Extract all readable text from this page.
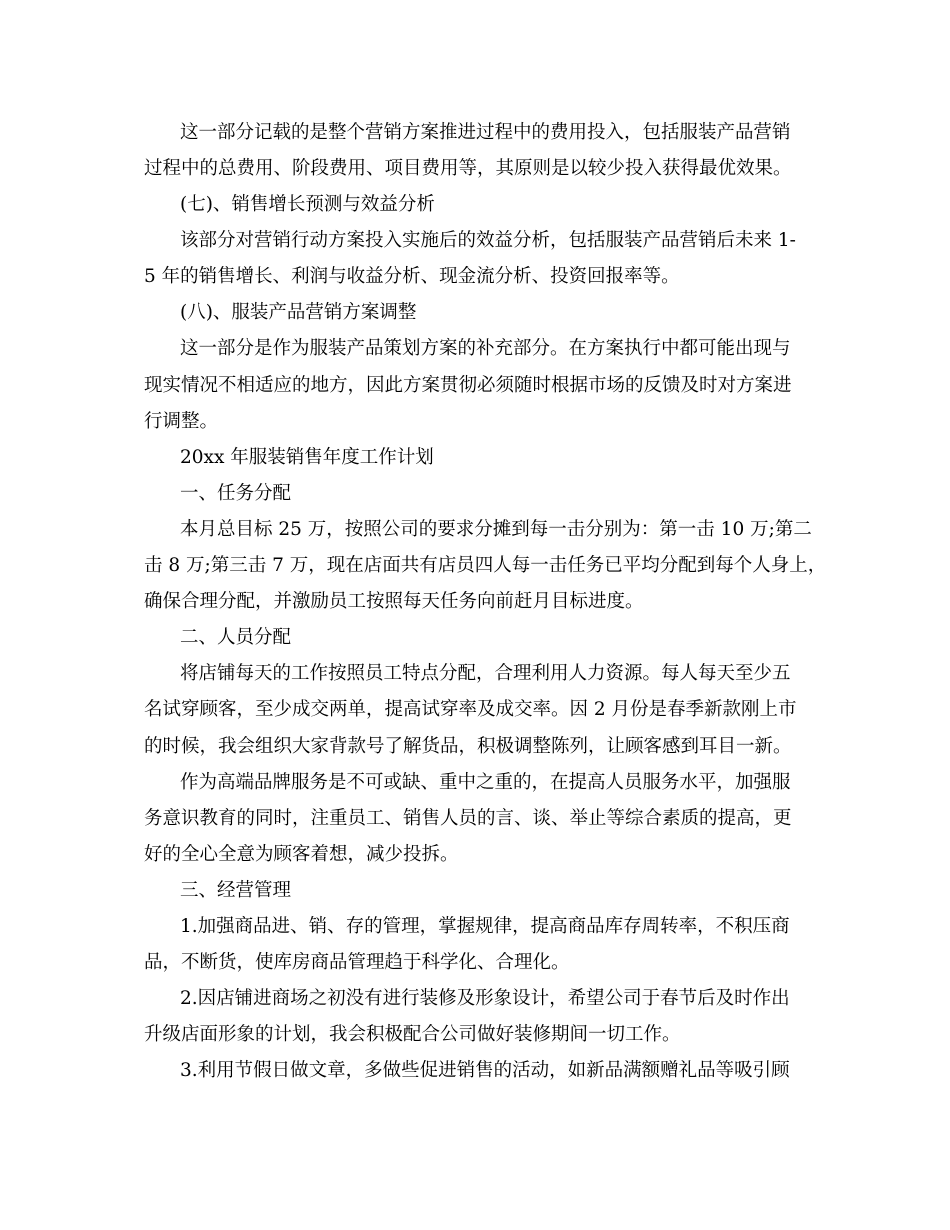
这一部分记载的是整个营销方案推进过程中的费用投入，包括服装产品营销
过程中的总费用、阶段费用、项目费用等，其原则是以较少投入获得最优效果。
(七)、销售增长预测与效益分析
该部分对营销行动方案投入实施后的效益分析，包括服装产品营销后未来 1-
5 年的销售增长、利润与收益分析、现金流分析、投资回报率等。
(八)、服装产品营销方案调整
这一部分是作为服装产品策划方案的补充部分。在方案执行中都可能出现与
现实情况不相适应的地方，因此方案贯彻必须随时根据市场的反馈及时对方案进
行调整。
20xx 年服装销售年度工作计划
一、任务分配
本月总目标 25 万，按照公司的要求分摊到每一击分别为：第一击 10 万;第二
击 8 万;第三击 7 万，现在店面共有店员四人每一击任务已平均分配到每个人身上，
确保合理分配，并激励员工按照每天任务向前赶月目标进度。
二、人员分配
将店铺每天的工作按照员工特点分配，合理利用人力资源。每人每天至少五
名试穿顾客，至少成交两单，提高试穿率及成交率。因 2 月份是春季新款刚上市
的时候，我会组织大家背款号了解货品，积极调整陈列，让顾客感到耳目一新。
作为高端品牌服务是不可或缺、重中之重的，在提高人员服务水平，加强服
务意识教育的同时，注重员工、销售人员的言、谈、举止等综合素质的提高，更
好的全心全意为顾客着想，减少投拆。
三、经营管理
1.加强商品进、销、存的管理，掌握规律，提高商品库存周转率，不积压商
品，不断货，使库房商品管理趋于科学化、合理化。
2.因店铺进商场之初没有进行装修及形象设计，希望公司于春节后及时作出
升级店面形象的计划，我会积极配合公司做好装修期间一切工作。
3.利用节假日做文章，多做些促进销售的活动，如新品满额赠礼品等吸引顾
